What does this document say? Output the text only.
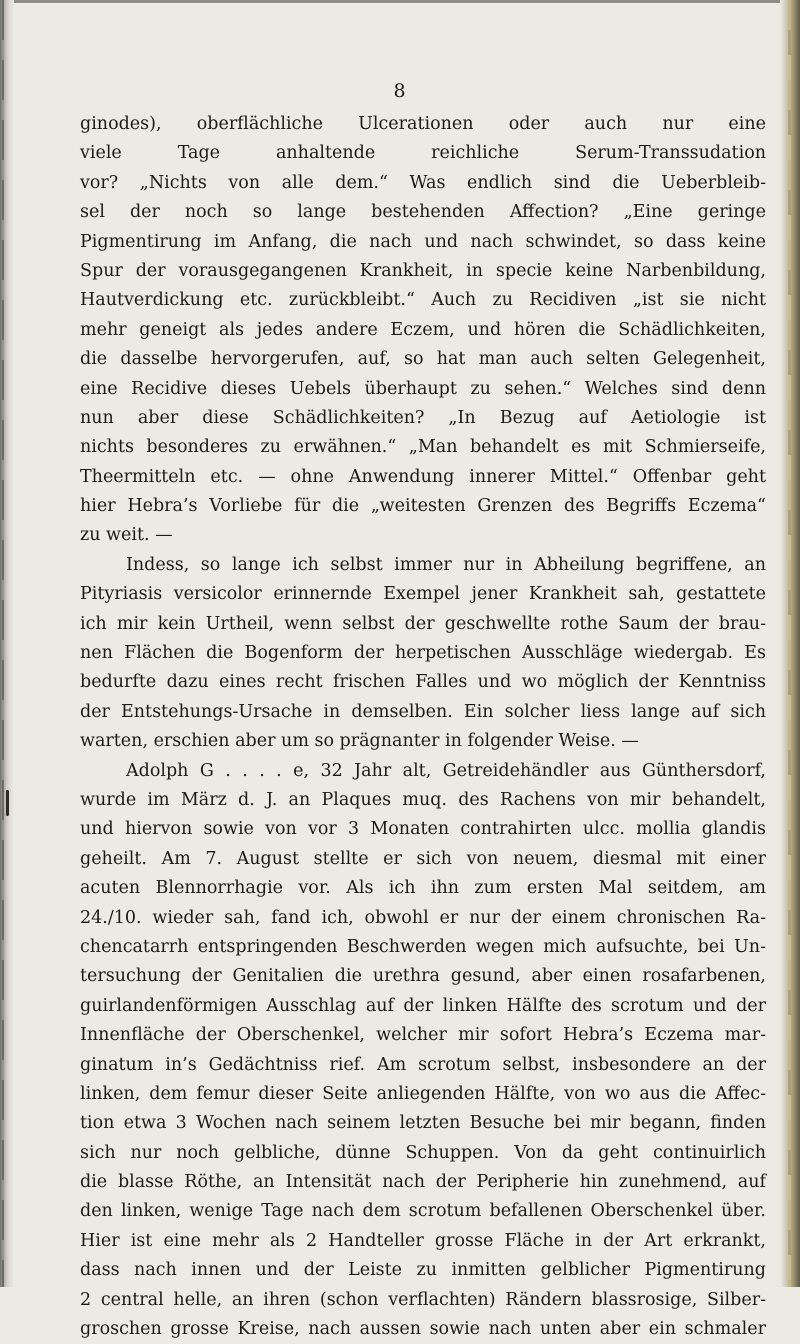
8
ginodes), oberflächliche Ulcerationen oder auch nur eine
viele Tage anhaltende reichliche Serum-Transsudation
vor? „Nichts von alle dem.“ Was endlich sind die Ueberbleib-
sel der noch so lange bestehenden Affection? „Eine geringe
Pigmentirung im Anfang, die nach und nach schwindet, so dass keine
Spur der vorausgegangenen Krankheit, in specie keine Narbenbildung,
Hautverdickung etc. zurückbleibt.“ Auch zu Recidiven „ist sie nicht
mehr geneigt als jedes andere Eczem, und hören die Schädlichkeiten,
die dasselbe hervorgerufen, auf, so hat man auch selten Gelegenheit,
eine Recidive dieses Uebels überhaupt zu sehen.“ Welches sind denn
nun aber diese Schädlichkeiten? „In Bezug auf Aetiologie ist
nichts besonderes zu erwähnen.“ „Man behandelt es mit Schmierseife,
Theermitteln etc. — ohne Anwendung innerer Mittel.“ Offenbar geht
hier Hebra’s Vorliebe für die „weitesten Grenzen des Begriffs Eczema“
zu weit. —
Indess, so lange ich selbst immer nur in Abheilung begriffene, an
Pityriasis versicolor erinnernde Exempel jener Krankheit sah, gestattete
ich mir kein Urtheil, wenn selbst der geschwellte rothe Saum der brau-
nen Flächen die Bogenform der herpetischen Ausschläge wiedergab. Es
bedurfte dazu eines recht frischen Falles und wo möglich der Kenntniss
der Entstehungs-Ursache in demselben. Ein solcher liess lange auf sich
warten, erschien aber um so prägnanter in folgender Weise. —
Adolph G . . . . e, 32 Jahr alt, Getreidehändler aus Günthersdorf,
wurde im März d. J. an Plaques muq. des Rachens von mir behandelt,
und hiervon sowie von vor 3 Monaten contrahirten ulcc. mollia glandis
geheilt. Am 7. August stellte er sich von neuem, diesmal mit einer
acuten Blennorrhagie vor. Als ich ihn zum ersten Mal seitdem, am
24./10. wieder sah, fand ich, obwohl er nur der einem chronischen Ra-
chencatarrh entspringenden Beschwerden wegen mich aufsuchte, bei Un-
tersuchung der Genitalien die urethra gesund, aber einen rosafarbenen,
guirlandenförmigen Ausschlag auf der linken Hälfte des scrotum und der
Innenfläche der Oberschenkel, welcher mir sofort Hebra’s Eczema mar-
ginatum in’s Gedächtniss rief. Am scrotum selbst, insbesondere an der
linken, dem femur dieser Seite anliegenden Hälfte, von wo aus die Affec-
tion etwa 3 Wochen nach seinem letzten Besuche bei mir begann, finden
sich nur noch gelbliche, dünne Schuppen. Von da geht continuirlich
die blasse Röthe, an Intensität nach der Peripherie hin zunehmend, auf
den linken, wenige Tage nach dem scrotum befallenen Oberschenkel über.
Hier ist eine mehr als 2 Handteller grosse Fläche in der Art erkrankt,
dass nach innen und der Leiste zu inmitten gelblicher Pigmentirung
2 central helle, an ihren (schon verflachten) Rändern blassrosige, Silber-
groschen grosse Kreise, nach aussen sowie nach unten aber ein schmaler
